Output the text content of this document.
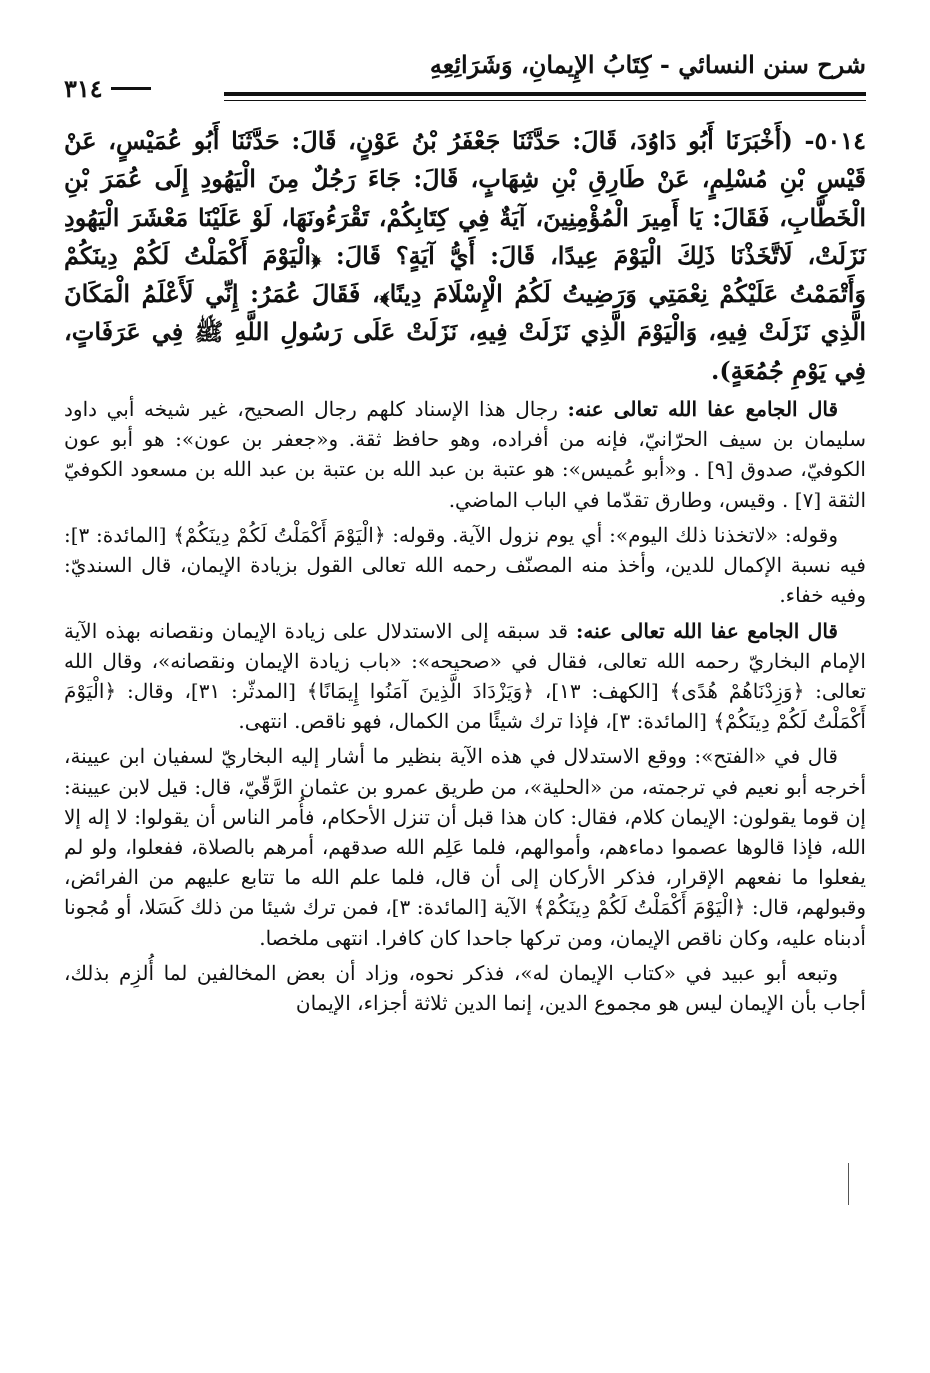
شرح سنن النسائي - كِتَابُ الإِيمانِ، وَشَرَائِعِهِ
٣١٤

٥٠١٤- (أَخْبَرَنَا أَبُو دَاوُدَ، قَالَ: حَدَّثَنَا جَعْفَرُ بْنُ عَوْنٍ، قَالَ: حَدَّثَنَا أَبُو عُمَيْسٍ، عَنْ قَيْسِ بْنِ مُسْلِمٍ، عَنْ طَارِقِ بْنِ شِهَابٍ، قَالَ: جَاءَ رَجُلٌ مِنَ الْيَهُودِ إِلَى عُمَرَ بْنِ الْخَطَّابِ، فَقَالَ: يَا أَمِيرَ الْمُؤْمِنِينَ، آيَةٌ فِي كِتَابِكُمْ، تَقْرَءُونَهَا، لَوْ عَلَيْنَا مَعْشَرَ الْيَهُودِ نَزَلَتْ، لَاتَّخَذْنَا ذَلِكَ الْيَوْمَ عِيدًا، قَالَ: أَيُّ آيَةٍ؟ قَالَ: ﴿الْيَوْمَ أَكْمَلْتُ لَكُمْ دِينَكُمْ وَأَتْمَمْتُ عَلَيْكُمْ نِعْمَتِي وَرَضِيتُ لَكُمُ الْإِسْلَامَ دِينًا﴾، فَقَالَ عُمَرُ: إِنِّي لَأَعْلَمُ الْمَكَانَ الَّذِي نَزَلَتْ فِيهِ، وَالْيَوْمَ الَّذِي نَزَلَتْ فِيهِ، نَزَلَتْ عَلَى رَسُولِ اللَّهِ ﷺ فِي عَرَفَاتٍ، فِي يَوْمِ جُمُعَةٍ).

قال الجامع عفا الله تعالى عنه: رجال هذا الإسناد كلهم رجال الصحيح، غير شيخه أبي داود سليمان بن سيف الحرّانيّ، فإنه من أفراده، وهو حافظ ثقة. و«جعفر بن عون»: هو أبو عون الكوفيّ، صدوق [٩] . و«أبو عُميس»: هو عتبة بن عبد الله بن عتبة بن عبد الله بن مسعود الكوفيّ الثقة [٧] . وقيس، وطارق تقدّما في الباب الماضي.

وقوله: «لاتخذنا ذلك اليوم»: أي يوم نزول الآية. وقوله: ﴿الْيَوْمَ أَكْمَلْتُ لَكُمْ دِينَكُمْ﴾ [المائدة: ٣]: فيه نسبة الإكمال للدين، وأخذ منه المصنّف رحمه الله تعالى القول بزيادة الإيمان، قال السنديّ: وفيه خفاء.

قال الجامع عفا الله تعالى عنه: قد سبقه إلى الاستدلال على زيادة الإيمان ونقصانه بهذه الآية الإمام البخاريّ رحمه الله تعالى، فقال في «صحيحه»: «باب زيادة الإيمان ونقصانه»، وقال الله تعالى: ﴿وَزِدْنَاهُمْ هُدًى﴾ [الكهف: ١٣]، ﴿وَيَزْدَادَ الَّذِينَ آمَنُوا إِيمَانًا﴾ [المدثّر: ٣١]، وقال: ﴿الْيَوْمَ أَكْمَلْتُ لَكُمْ دِينَكُمْ﴾ [المائدة: ٣]، فإذا ترك شيئًا من الكمال، فهو ناقص. انتهى.

قال في «الفتح»: ووقع الاستدلال في هذه الآية بنظير ما أشار إليه البخاريّ لسفيان ابن عيينة، أخرجه أبو نعيم في ترجمته، من «الحلية»، من طريق عمرو بن عثمان الرَّقّيّ، قال: قيل لابن عيينة: إن قوما يقولون: الإيمان كلام، فقال: كان هذا قبل أن تنزل الأحكام، فأُمر الناس أن يقولوا: لا إله إلا الله، فإذا قالوها عصموا دماءهم، وأموالهم، فلما عَلِم الله صدقهم، أمرهم بالصلاة، ففعلوا، ولو لم يفعلوا ما نفعهم الإقرار، فذكر الأركان إلى أن قال، فلما علم الله ما تتابع عليهم من الفرائض، وقبولهم، قال: ﴿الْيَوْمَ أَكْمَلْتُ لَكُمْ دِينَكُمْ﴾ الآية [المائدة: ٣]، فمن ترك شيئا من ذلك كَسَلا، أو مُجونا أدبناه عليه، وكان ناقص الإيمان، ومن تركها جاحدا كان كافرا. انتهى ملخصا.

وتبعه أبو عبيد في «كتاب الإيمان له»، فذكر نحوه، وزاد أن بعض المخالفين لما أُلزِم بذلك، أجاب بأن الإيمان ليس هو مجموع الدين، إنما الدين ثلاثة أجزاء، الإيمان
